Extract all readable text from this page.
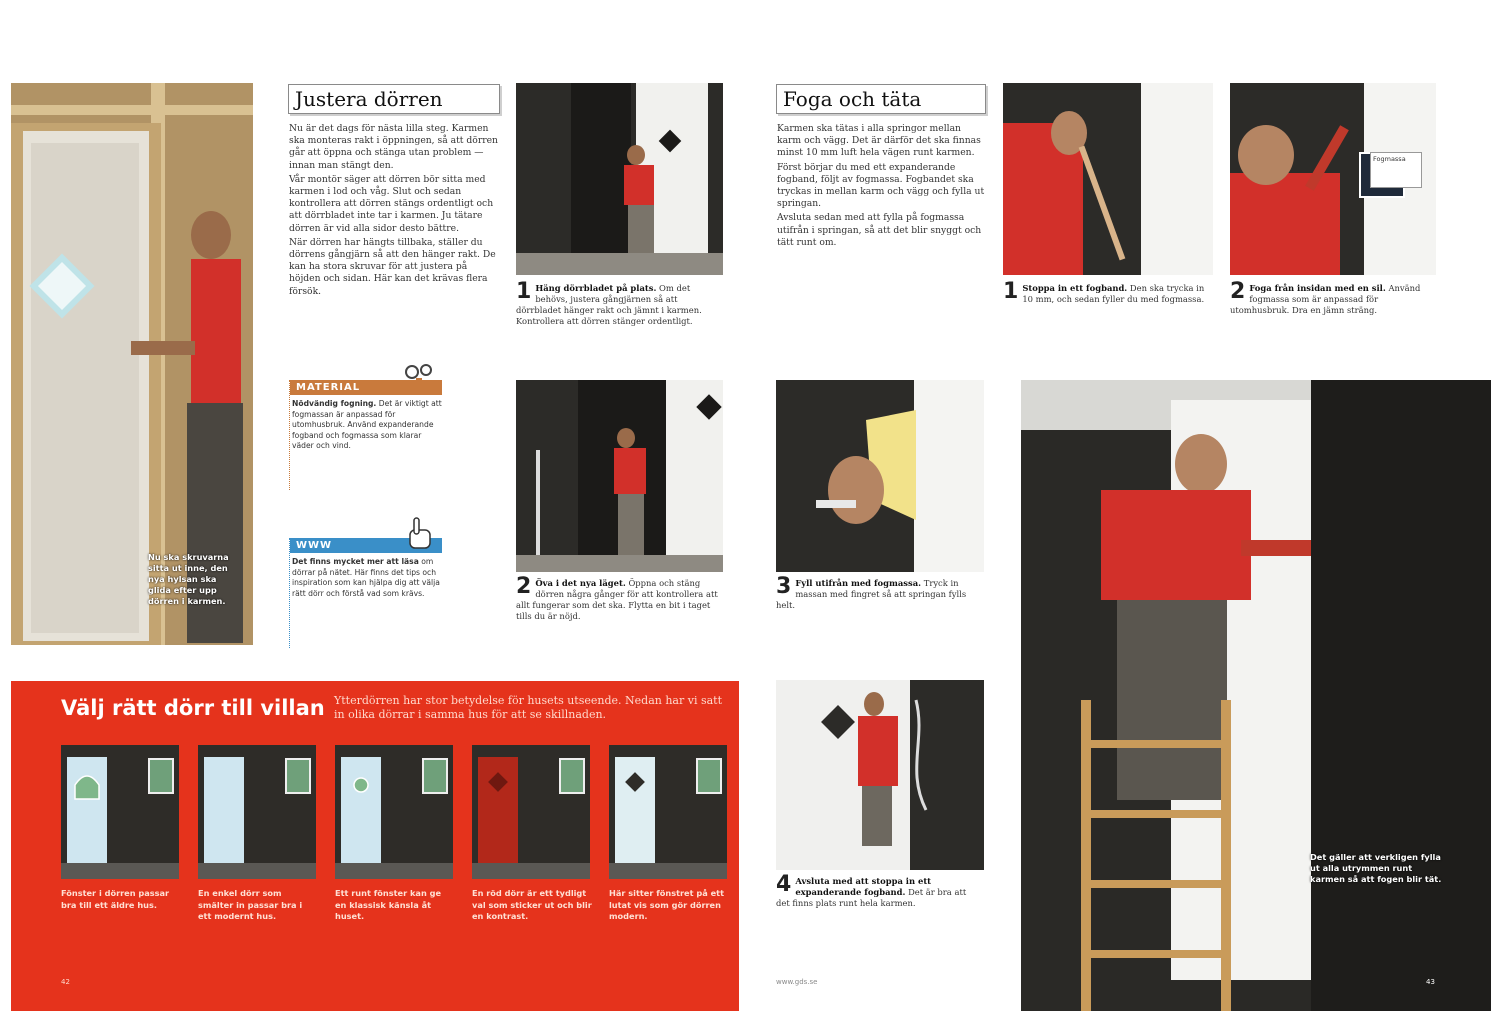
Nu ska skruvarna sitta ut inne, den nya hylsan ska glida efter upp dörren i karmen.
Justera dörren

Nu är det dags för nästa lilla steg. Karmen ska monteras rakt i öppningen, så att dörren går att öppna och stänga utan problem — innan man stängt den.

Vår montör säger att dörren bör sitta med karmen i lod och våg. Slut och sedan kontrollera att dörren stängs ordentligt och att dörrbladet inte tar i karmen. Ju tätare dörren är vid alla sidor desto bättre.

När dörren har hängts tillbaka, ställer du dörrens gångjärn så att den hänger rakt. De kan ha stora skruvar för att justera på höjden och sidan. Här kan det krävas flera försök.

MATERIAL
Nödvändig fogning. Det är viktigt att fogmassan är anpassad för utomhusbruk. Använd expanderande fogband och fogmassa som klarar väder och vind.
WWW
Det finns mycket mer att läsa om dörrar på nätet. Här finns det tips och inspiration som kan hjälpa dig att välja rätt dörr och förstå vad som krävs.
1 Häng dörrbladet på plats. Om det behövs, justera gångjärnen så att dörrbladet hänger rakt och jämnt i karmen. Kontrollera att dörren stänger ordentligt.
2 Öva i det nya läget. Öppna och stäng dörren några gånger för att kontrollera att allt fungerar som det ska. Flytta en bit i taget tills du är nöjd.
Välj rätt dörr till villan Ytterdörren har stor betydelse för husets utseende. Nedan har vi satt in olika dörrar i samma hus för att se skillnaden.
Fönster i dörren passar bra till ett äldre hus.
En enkel dörr som smälter in passar bra i ett modernt hus.
Ett runt fönster kan ge en klassisk känsla åt huset.
En röd dörr är ett tydligt val som sticker ut och blir en kontrast.
Här sitter fönstret på ett lutat vis som gör dörren modern.
42
Foga och täta

Karmen ska tätas i alla springor mellan karm och vägg. Det är därför det ska finnas minst 10 mm luft hela vägen runt karmen.

Först börjar du med ett expanderande fogband, följt av fogmassa. Fogbandet ska tryckas in mellan karm och vägg och fylla ut springan.

Avsluta sedan med att fylla på fogmassa utifrån i springan, så att det blir snyggt och tätt runt om.

1 Stoppa in ett fogband. Den ska trycka in 10 mm, och sedan fyller du med fogmassa.
Fogmassa
2 Foga från insidan med en sil. Använd fogmassa som är anpassad för utomhusbruk. Dra en jämn sträng.
3 Fyll utifrån med fogmassa. Tryck in massan med fingret så att springan fylls helt.
4 Avsluta med att stoppa in ett expanderande fogband. Det är bra att det finns plats runt hela karmen.
Det gäller att verkligen fylla ut alla utrymmen runt karmen så att fogen blir tät.
www.gds.se	43
